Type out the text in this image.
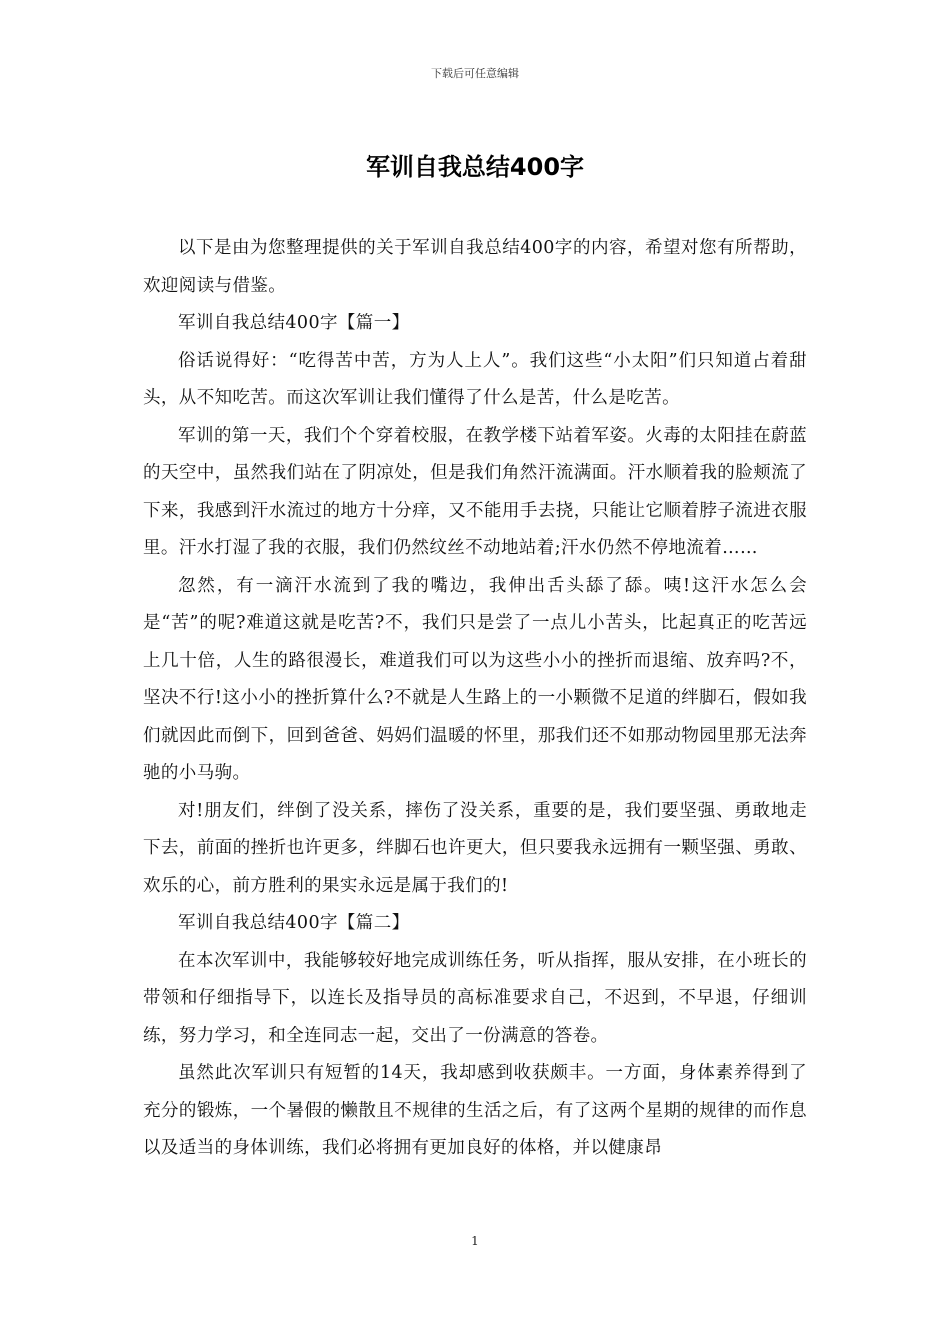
下载后可任意编辑
军训自我总结400字

以下是由为您整理提供的关于军训自我总结400字的内容，希望对您有所帮助，欢迎阅读与借鉴。

军训自我总结400字【篇一】

俗话说得好：“吃得苦中苦，方为人上人”。我们这些“小太阳”们只知道占着甜头，从不知吃苦。而这次军训让我们懂得了什么是苦，什么是吃苦。

军训的第一天，我们个个穿着校服，在教学楼下站着军姿。火毒的太阳挂在蔚蓝的天空中，虽然我们站在了阴凉处，但是我们角然汗流满面。汗水顺着我的脸颊流了下来，我感到汗水流过的地方十分痒，又不能用手去挠，只能让它顺着脖子流进衣服里。汗水打湿了我的衣服，我们仍然纹丝不动地站着;汗水仍然不停地流着……

忽然，有一滴汗水流到了我的嘴边，我伸出舌头舔了舔。咦!这汗水怎么会是“苦”的呢?难道这就是吃苦?不，我们只是尝了一点儿小苦头，比起真正的吃苦远上几十倍，人生的路很漫长，难道我们可以为这些小小的挫折而退缩、放弃吗?不，坚决不行!这小小的挫折算什么?不就是人生路上的一小颗微不足道的绊脚石，假如我们就因此而倒下，回到爸爸、妈妈们温暖的怀里，那我们还不如那动物园里那无法奔驰的小马驹。

对!朋友们，绊倒了没关系，摔伤了没关系，重要的是，我们要坚强、勇敢地走下去，前面的挫折也许更多，绊脚石也许更大，但只要我永远拥有一颗坚强、勇敢、欢乐的心，前方胜利的果实永远是属于我们的!

军训自我总结400字【篇二】

在本次军训中，我能够较好地完成训练任务，听从指挥，服从安排，在小班长的带领和仔细指导下，以连长及指导员的高标准要求自己，不迟到，不早退，仔细训练，努力学习，和全连同志一起，交出了一份满意的答卷。

虽然此次军训只有短暂的14天，我却感到收获颇丰。一方面，身体素养得到了充分的锻炼，一个暑假的懒散且不规律的生活之后，有了这两个星期的规律的而作息以及适当的身体训练，我们必将拥有更加良好的体格，并以健康昂

1
